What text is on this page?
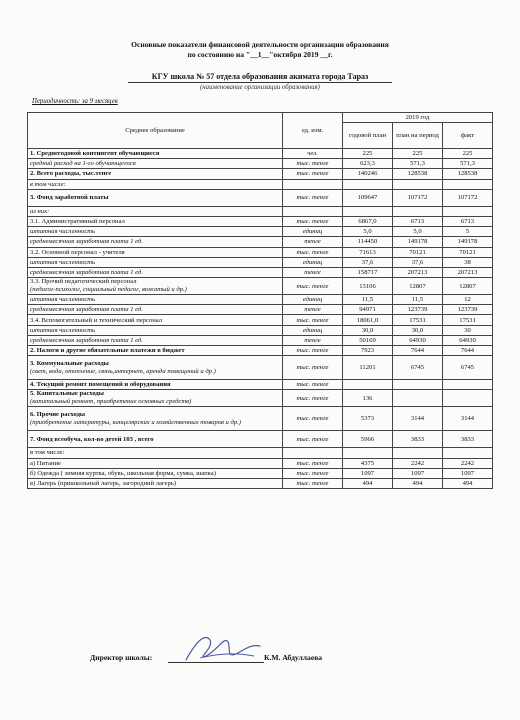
Основные показатели финансовой деятельности организации образования
по состоянию на "__1__"октября 2019 __г.
КГУ школа № 57 отдела образования акимата города Тараз
(наименование организации образования)
Периодичность: за 9 месяцев
Среднее образование	ед. изм.	2019 год		
		годовой план	план на период	факт
1. Среднегодовой контингент обучающиеся	чел.	225	225	225
средний расход на 1-го обучающегося	тыс. тенге	623,3	571,3	571,3
2. Всего расходы, тыс.тенге	тыс. тенге	140246	128538	128538
в том числе:				
3. Фонд заработной платы	тыс. тенге	109647	107172	107172
из них:				
3.1. Административный персонал	тыс. тенге	6867,0	6713	6713
штатная численность	единиц	5,0	5,0	5
среднемесячная заработная плата 1 ед.	тенге	114450	149178	149178
3.2. Основной персонал - учителя	тыс. тенге	71613	70121	70121
штатная численность	единиц	37,6	37,6	38
среднемесячная заработная плата 1 ед.	тенге	158717	207213	207213
3.3. Прочий педагогический персонал
(педагог-психолог, социальный педагог, вожатый и др.)	тыс. тенге	13106	12807	12807
штатная численность	единиц	11,5	11,5	12
среднемесячная заработная плата 1 ед.	тенге	94971	123739	123739
3.4. Вспомогательный и технический персонал	тыс. тенге	18061,0	17531	17531
штатная численность	единиц	30,0	30,0	30
среднемесячная заработная плата 1 ед.	тенге	50169	64930	64930
2. Налоги и другие обязательные платежи в бюджет	тыс. тенге	7923	7644	7644
3. Коммунальные расходы
(свет, вода, отопление, связь,интернет, аренда помещений и др.)	тыс. тенге	11201	6745	6745
4. Текущий ремонт помещений и оборудования	тыс. тенге			
5. Капитальные расходы
(капитальный ремонт, приобретение основных средств)	тыс. тенге	136		
6. Прочие расходы
(приобретение литературы, канцелярских и хозяйственных товаров и др.)	тыс. тенге	5373	3144	3144
7. Фонд всеобуча, кол-во детей 103 , всего	тыс. тенге	5966	3833	3833
в том числе:				
а) Питание	тыс. тенге	4375	2242	2242
б) Одежда ( зимняя куртка, обувь, школьная форма, сумка, шапка)	тыс. тенге	1097	1097	1097
в) Лагерь (пришкольный лагерь, загородний лагерь)	тыс. тенге	494	494	494
Директор школы:	К.М. Абдуллаева
